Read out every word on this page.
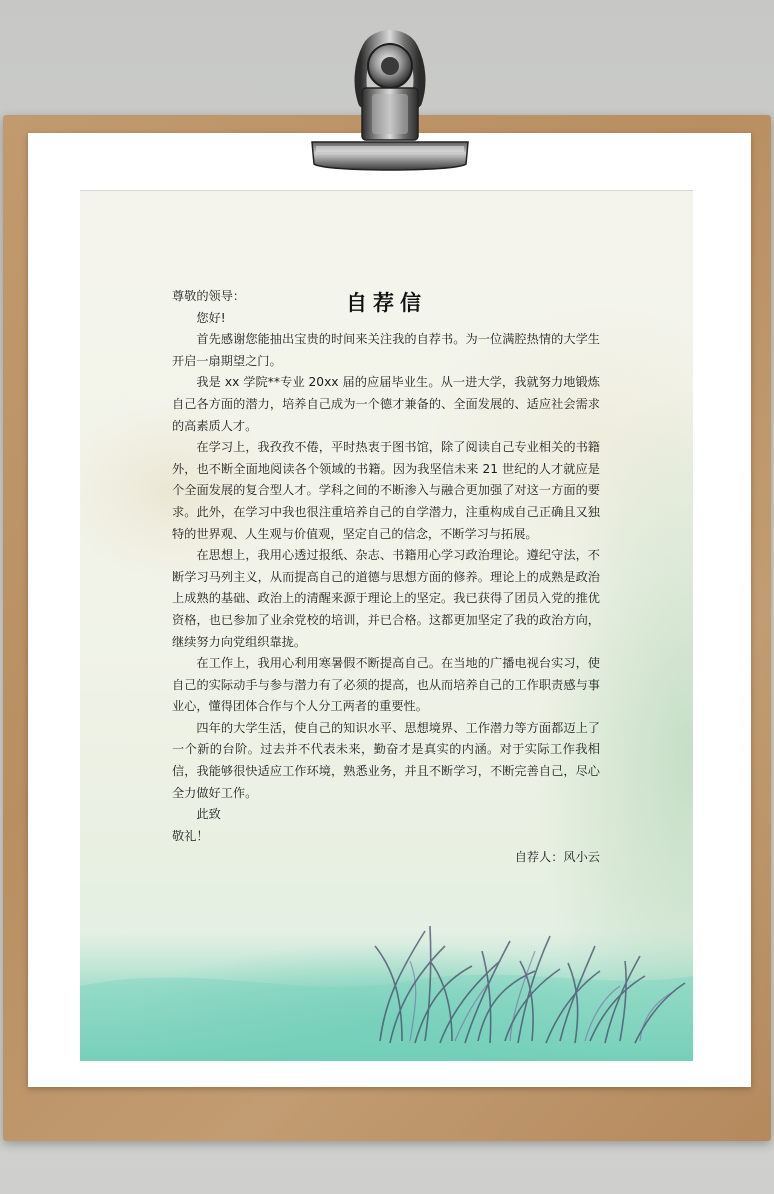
自荐信

尊敬的领导：

您好!

首先感谢您能抽出宝贵的时间来关注我的自荐书。为一位满腔热情的大学生开启一扇期望之门。

我是 xx 学院**专业 20xx 届的应届毕业生。从一进大学，我就努力地锻炼自己各方面的潜力，培养自己成为一个德才兼备的、全面发展的、适应社会需求的高素质人才。

在学习上，我孜孜不倦，平时热衷于图书馆，除了阅读自己专业相关的书籍外，也不断全面地阅读各个领域的书籍。因为我坚信未来 21 世纪的人才就应是个全面发展的复合型人才。学科之间的不断渗入与融合更加强了对这一方面的要求。此外，在学习中我也很注重培养自己的自学潜力，注重构成自己正确且又独特的世界观、人生观与价值观，坚定自己的信念，不断学习与拓展。

在思想上，我用心透过报纸、杂志、书籍用心学习政治理论。遵纪守法，不断学习马列主义，从而提高自己的道德与思想方面的修养。理论上的成熟是政治上成熟的基础、政治上的清醒来源于理论上的坚定。我已获得了团员入党的推优资格，也已参加了业余党校的培训，并已合格。这都更加坚定了我的政治方向，继续努力向党组织靠拢。

在工作上，我用心利用寒暑假不断提高自己。在当地的广播电视台实习，使自己的实际动手与参与潜力有了必须的提高，也从而培养自己的工作职责感与事业心，懂得团体合作与个人分工两者的重要性。

四年的大学生活，使自己的知识水平、思想境界、工作潜力等方面都迈上了一个新的台阶。过去并不代表未来，勤奋才是真实的内涵。对于实际工作我相信，我能够很快适应工作环境，熟悉业务，并且不断学习，不断完善自己，尽心全力做好工作。

此致

敬礼！

自荐人：风小云
